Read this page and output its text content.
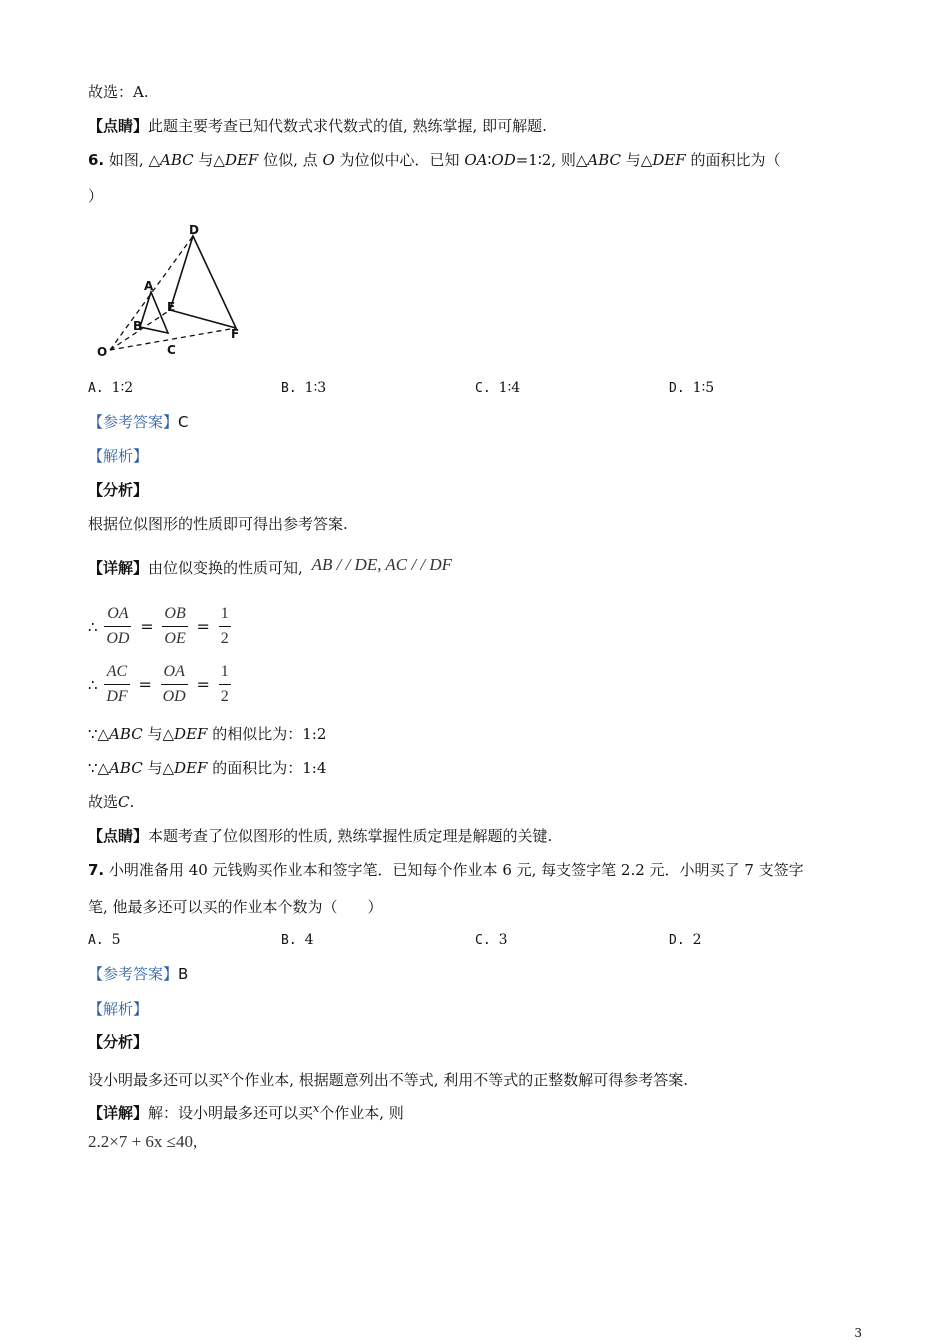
故选：A.
【点睛】此题主要考查已知代数式求代数式的值, 熟练掌握, 即可解题.
6. 如图, △ABC 与△DEF 位似, 点 O 为位似中心．已知 OA∶OD=1∶2, 则△ABC 与△DEF 的面积比为（
）
D
A
E
B
F
O	C
A. 1∶2	B. 1∶3	C. 1∶4	D. 1∶5
【参考答案】C
【解析】
【分析】
根据位似图形的性质即可得出参考答案.
【详解】由位似变换的性质可知, AB / / DE, AC / / DF
∴ $\frac{OA}{OD} = \frac{OB}{OE} = \frac{1}{2}$
∴ $\frac{AC}{DF} = \frac{OA}{OD} = \frac{1}{2}$
∵△ABC 与△DEF 的相似比为：1:2
∵△ABC 与△DEF 的面积比为：1:4
故选C.
【点睛】本题考查了位似图形的性质, 熟练掌握性质定理是解题的关键.
7. 小明准备用 40 元钱购买作业本和签字笔．已知每个作业本 6 元, 每支签字笔 2.2 元．小明买了 7 支签字
笔, 他最多还可以买的作业本个数为（　　）
A. 5	B. 4	C. 3	D. 2
【参考答案】B
【解析】
【分析】
设小明最多还可以买$^x$个作业本, 根据题意列出不等式, 利用不等式的正整数解可得参考答案.
【详解】解：设小明最多还可以买$^x$个作业本, 则
2.2×7 + 6x ≤40,
3
